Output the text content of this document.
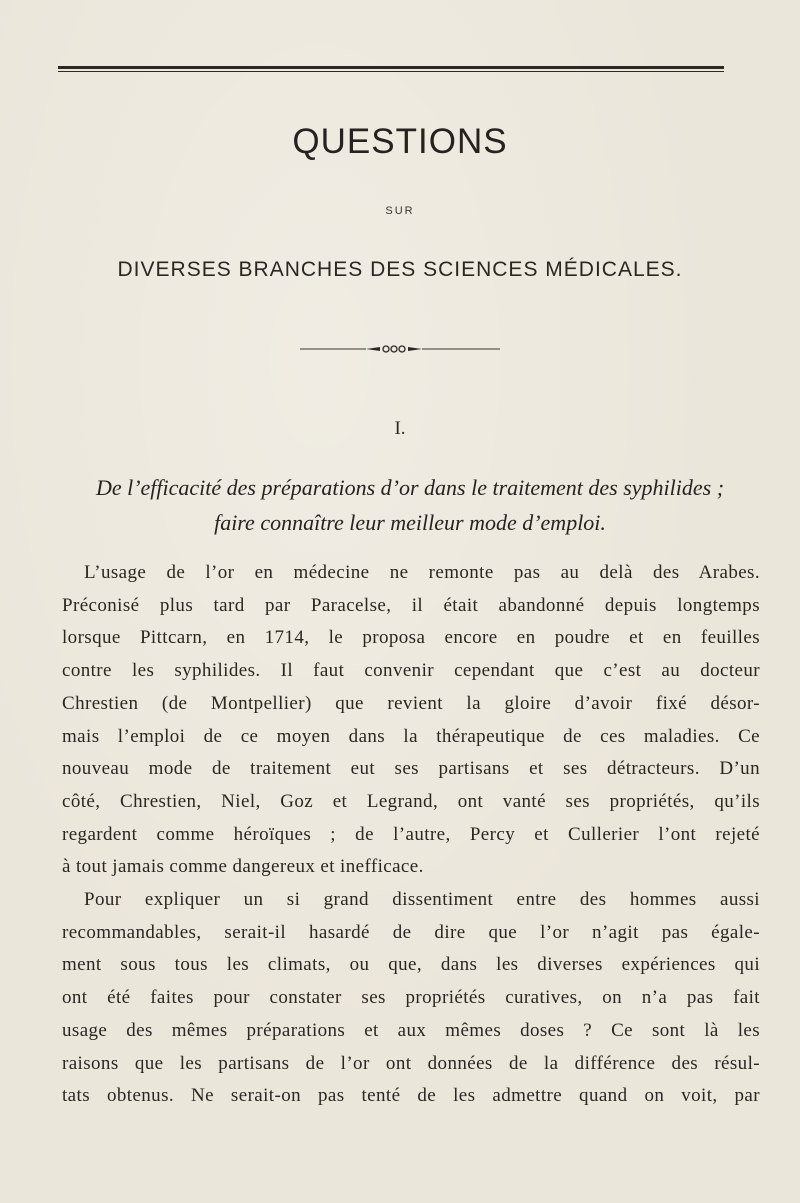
QUESTIONS
SUR
DIVERSES BRANCHES DES SCIENCES MÉDICALES.
I.
De l’efficacité des préparations d’or dans le traitement des syphilides ;
faire connaître leur meilleur mode d’emploi.
L’usage de l’or en médecine ne remonte pas au delà des Arabes.
Préconisé plus tard par Paracelse, il était abandonné depuis longtemps
lorsque Pittcarn, en 1714, le proposa encore en poudre et en feuilles
contre les syphilides. Il faut convenir cependant que c’est au docteur
Chrestien (de Montpellier) que revient la gloire d’avoir fixé désor-
mais l’emploi de ce moyen dans la thérapeutique de ces maladies. Ce
nouveau mode de traitement eut ses partisans et ses détracteurs. D’un
côté, Chrestien, Niel, Goz et Legrand, ont vanté ses propriétés, qu’ils
regardent comme héroïques ; de l’autre, Percy et Cullerier l’ont rejeté
à tout jamais comme dangereux et inefficace.
Pour expliquer un si grand dissentiment entre des hommes aussi
recommandables, serait-il hasardé de dire que l’or n’agit pas égale-
ment sous tous les climats, ou que, dans les diverses expériences qui
ont été faites pour constater ses propriétés curatives, on n’a pas fait
usage des mêmes préparations et aux mêmes doses ? Ce sont là les
raisons que les partisans de l’or ont données de la différence des résul-
tats obtenus. Ne serait-on pas tenté de les admettre quand on voit, par
